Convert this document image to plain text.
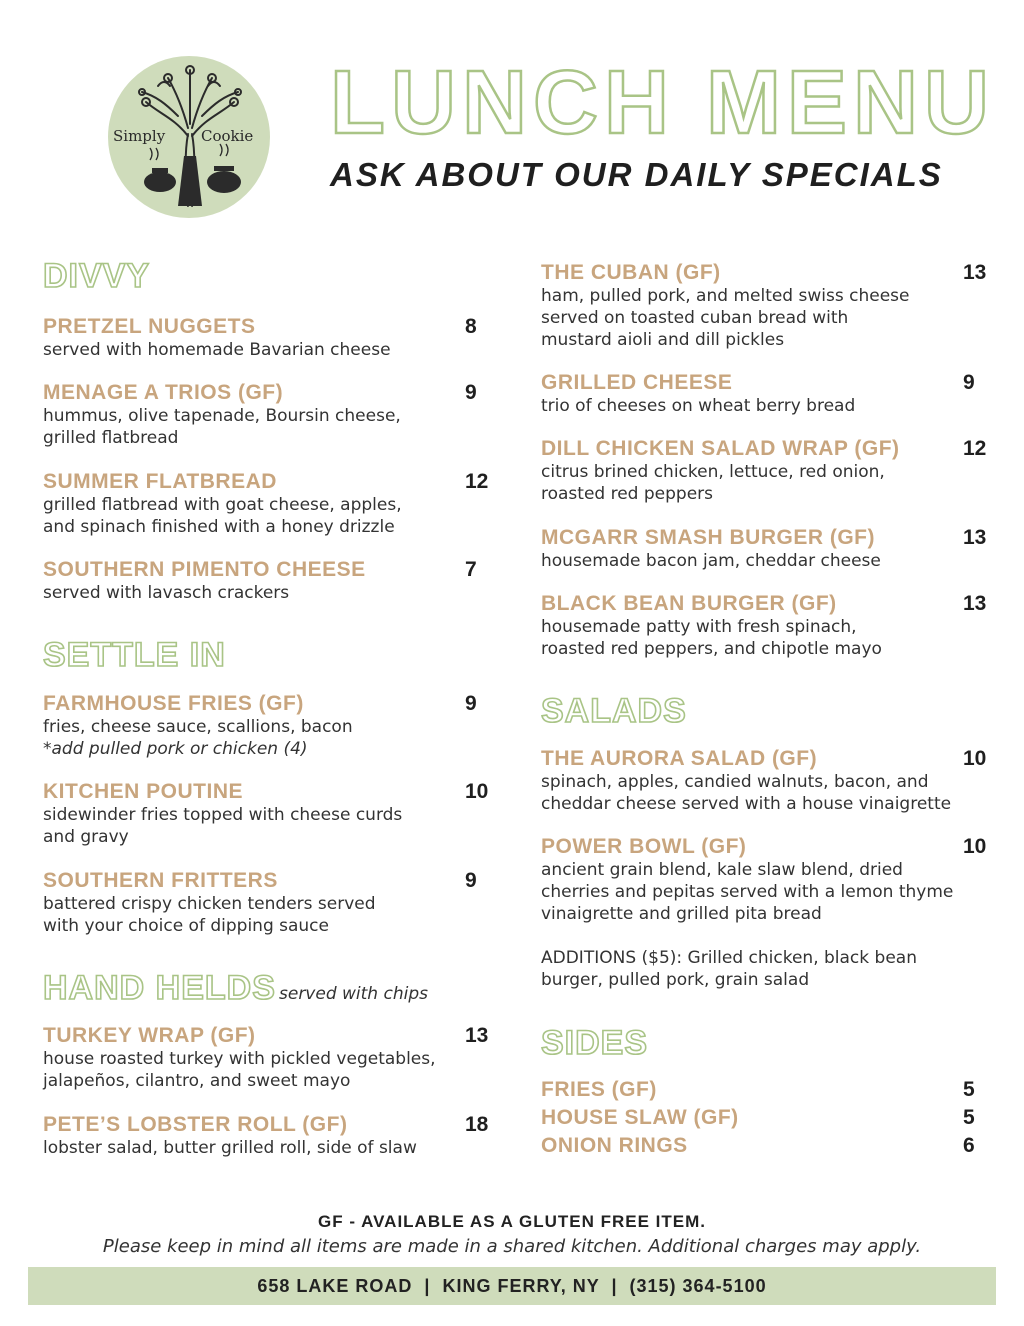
Simply Cookie LUNCH MENU
ASK ABOUT OUR DAILY SPECIALS
DIVVY
PRETZEL NUGGETS	8
served with homemade Bavarian cheese
MENAGE A TRIOS (GF)	9
hummus, olive tapenade, Boursin cheese,
grilled flatbread
SUMMER FLATBREAD	12
grilled flatbread with goat cheese, apples,
and spinach finished with a honey drizzle
SOUTHERN PIMENTO CHEESE	7
served with lavasch crackers
SETTLE IN
FARMHOUSE FRIES (GF)	9
fries, cheese sauce, scallions, bacon
*add pulled pork or chicken (4)
KITCHEN POUTINE	10
sidewinder fries topped with cheese curds
and gravy
SOUTHERN FRITTERS	9
battered crispy chicken tenders served
with your choice of dipping sauce
HAND HELDS served with chips
TURKEY WRAP (GF)	13
house roasted turkey with pickled vegetables,
jalapeños, cilantro, and sweet mayo
PETE’S LOBSTER ROLL (GF)	18
lobster salad, butter grilled roll, side of slaw
THE CUBAN (GF)	13
ham, pulled pork, and melted swiss cheese
served on toasted cuban bread with
mustard aioli and dill pickles
GRILLED CHEESE	9
trio of cheeses on wheat berry bread
DILL CHICKEN SALAD WRAP (GF)	12
citrus brined chicken, lettuce, red onion,
roasted red peppers
MCGARR SMASH BURGER (GF)	13
housemade bacon jam, cheddar cheese
BLACK BEAN BURGER (GF)	13
housemade patty with fresh spinach,
roasted red peppers, and chipotle mayo
SALADS
THE AURORA SALAD (GF)	10
spinach, apples, candied walnuts, bacon, and
cheddar cheese served with a house vinaigrette
POWER BOWL (GF)	10
ancient grain blend, kale slaw blend, dried
cherries and pepitas served with a lemon thyme
vinaigrette and grilled pita bread
ADDITIONS ($5): Grilled chicken, black bean
burger, pulled pork, grain salad
SIDES
FRIES (GF)	5
HOUSE SLAW (GF)	5
ONION RINGS	6
GF - AVAILABLE AS A GLUTEN FREE ITEM.
Please keep in mind all items are made in a shared kitchen. Additional charges may apply.
658 LAKE ROAD  |  KING FERRY, NY  |  (315) 364-5100
